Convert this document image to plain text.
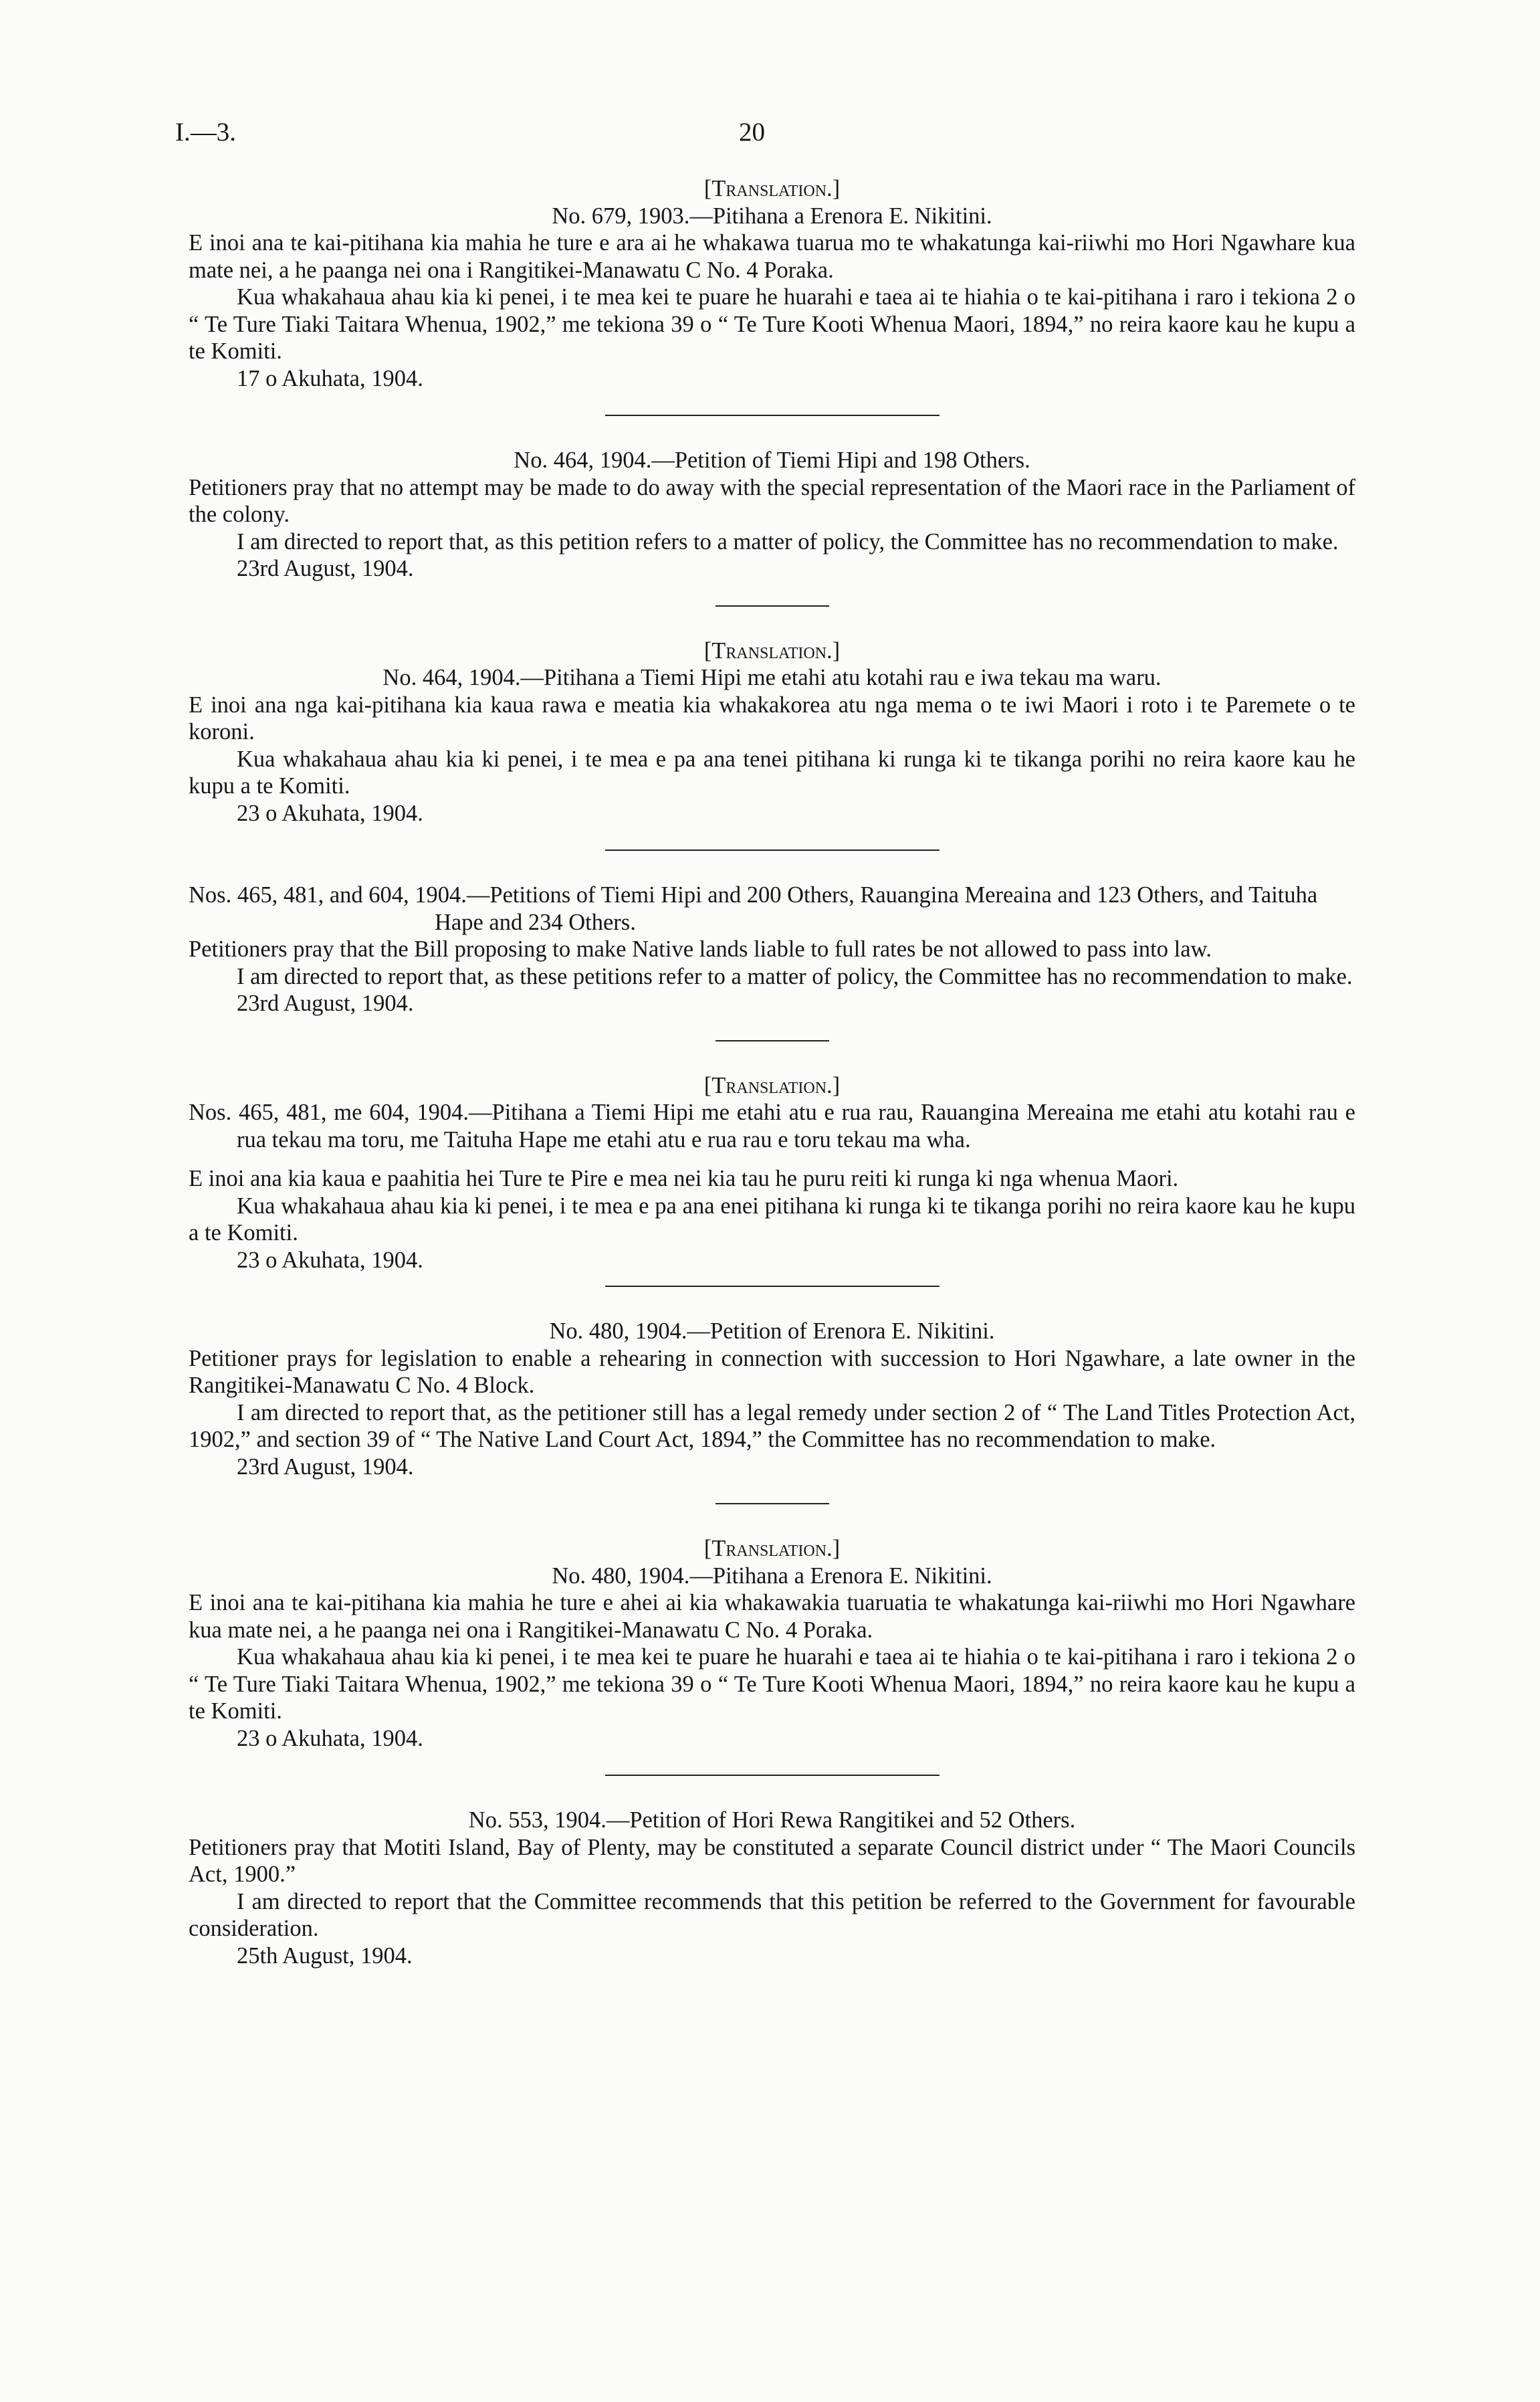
I.—3.	20
[Translation.]
No. 679, 1903.—Pitihana a Erenora E. Nikitini.

E inoi ana te kai-pitihana kia mahia he ture e ara ai he whakawa tuarua mo te whakatunga kai-riiwhi mo Hori Ngawhare kua mate nei, a he paanga nei ona i Rangitikei-Manawatu C No. 4 Poraka.

Kua whakahaua ahau kia ki penei, i te mea kei te puare he huarahi e taea ai te hiahia o te kai-pitihana i raro i tekiona 2 o “ Te Ture Tiaki Taitara Whenua, 1902,” me tekiona 39 o “ Te Ture Kooti Whenua Maori, 1894,” no reira kaore kau he kupu a te Komiti.

17 o Akuhata, 1904.
No. 464, 1904.—Petition of Tiemi Hipi and 198 Others.

Petitioners pray that no attempt may be made to do away with the special representation of the Maori race in the Parliament of the colony.

I am directed to report that, as this petition refers to a matter of policy, the Committee has no recommendation to make.

23rd August, 1904.
[Translation.]
No. 464, 1904.—Pitihana a Tiemi Hipi me etahi atu kotahi rau e iwa tekau ma waru.

E inoi ana nga kai-pitihana kia kaua rawa e meatia kia whakakorea atu nga mema o te iwi Maori i roto i te Paremete o te koroni.

Kua whakahaua ahau kia ki penei, i te mea e pa ana tenei pitihana ki runga ki te tikanga porihi no reira kaore kau he kupu a te Komiti.

23 o Akuhata, 1904.
Nos. 465, 481, and 604, 1904.—Petitions of Tiemi Hipi and 200 Others, Rauangina Mereaina and 123 Others, and Taituha Hape and 234 Others.

Petitioners pray that the Bill proposing to make Native lands liable to full rates be not allowed to pass into law.

I am directed to report that, as these petitions refer to a matter of policy, the Committee has no recommendation to make.

23rd August, 1904.
[Translation.]
Nos. 465, 481, me 604, 1904.—Pitihana a Tiemi Hipi me etahi atu e rua rau, Rauangina Mereaina me etahi atu kotahi rau e rua tekau ma toru, me Taituha Hape me etahi atu e rua rau e toru tekau ma wha.

E inoi ana kia kaua e paahitia hei Ture te Pire e mea nei kia tau he puru reiti ki runga ki nga whenua Maori.

Kua whakahaua ahau kia ki penei, i te mea e pa ana enei pitihana ki runga ki te tikanga porihi no reira kaore kau he kupu a te Komiti.

23 o Akuhata, 1904.
No. 480, 1904.—Petition of Erenora E. Nikitini.

Petitioner prays for legislation to enable a rehearing in connection with succession to Hori Ngawhare, a late owner in the Rangitikei-Manawatu C No. 4 Block.

I am directed to report that, as the petitioner still has a legal remedy under section 2 of “ The Land Titles Protection Act, 1902,” and section 39 of “ The Native Land Court Act, 1894,” the Committee has no recommendation to make.

23rd August, 1904.
[Translation.]
No. 480, 1904.—Pitihana a Erenora E. Nikitini.

E inoi ana te kai-pitihana kia mahia he ture e ahei ai kia whakawakia tuaruatia te whakatunga kai-riiwhi mo Hori Ngawhare kua mate nei, a he paanga nei ona i Rangitikei-Manawatu C No. 4 Poraka.

Kua whakahaua ahau kia ki penei, i te mea kei te puare he huarahi e taea ai te hiahia o te kai-pitihana i raro i tekiona 2 o “ Te Ture Tiaki Taitara Whenua, 1902,” me tekiona 39 o “ Te Ture Kooti Whenua Maori, 1894,” no reira kaore kau he kupu a te Komiti.

23 o Akuhata, 1904.
No. 553, 1904.—Petition of Hori Rewa Rangitikei and 52 Others.

Petitioners pray that Motiti Island, Bay of Plenty, may be constituted a separate Council district under “ The Maori Councils Act, 1900.”

I am directed to report that the Committee recommends that this petition be referred to the Government for favourable consideration.

25th August, 1904.
